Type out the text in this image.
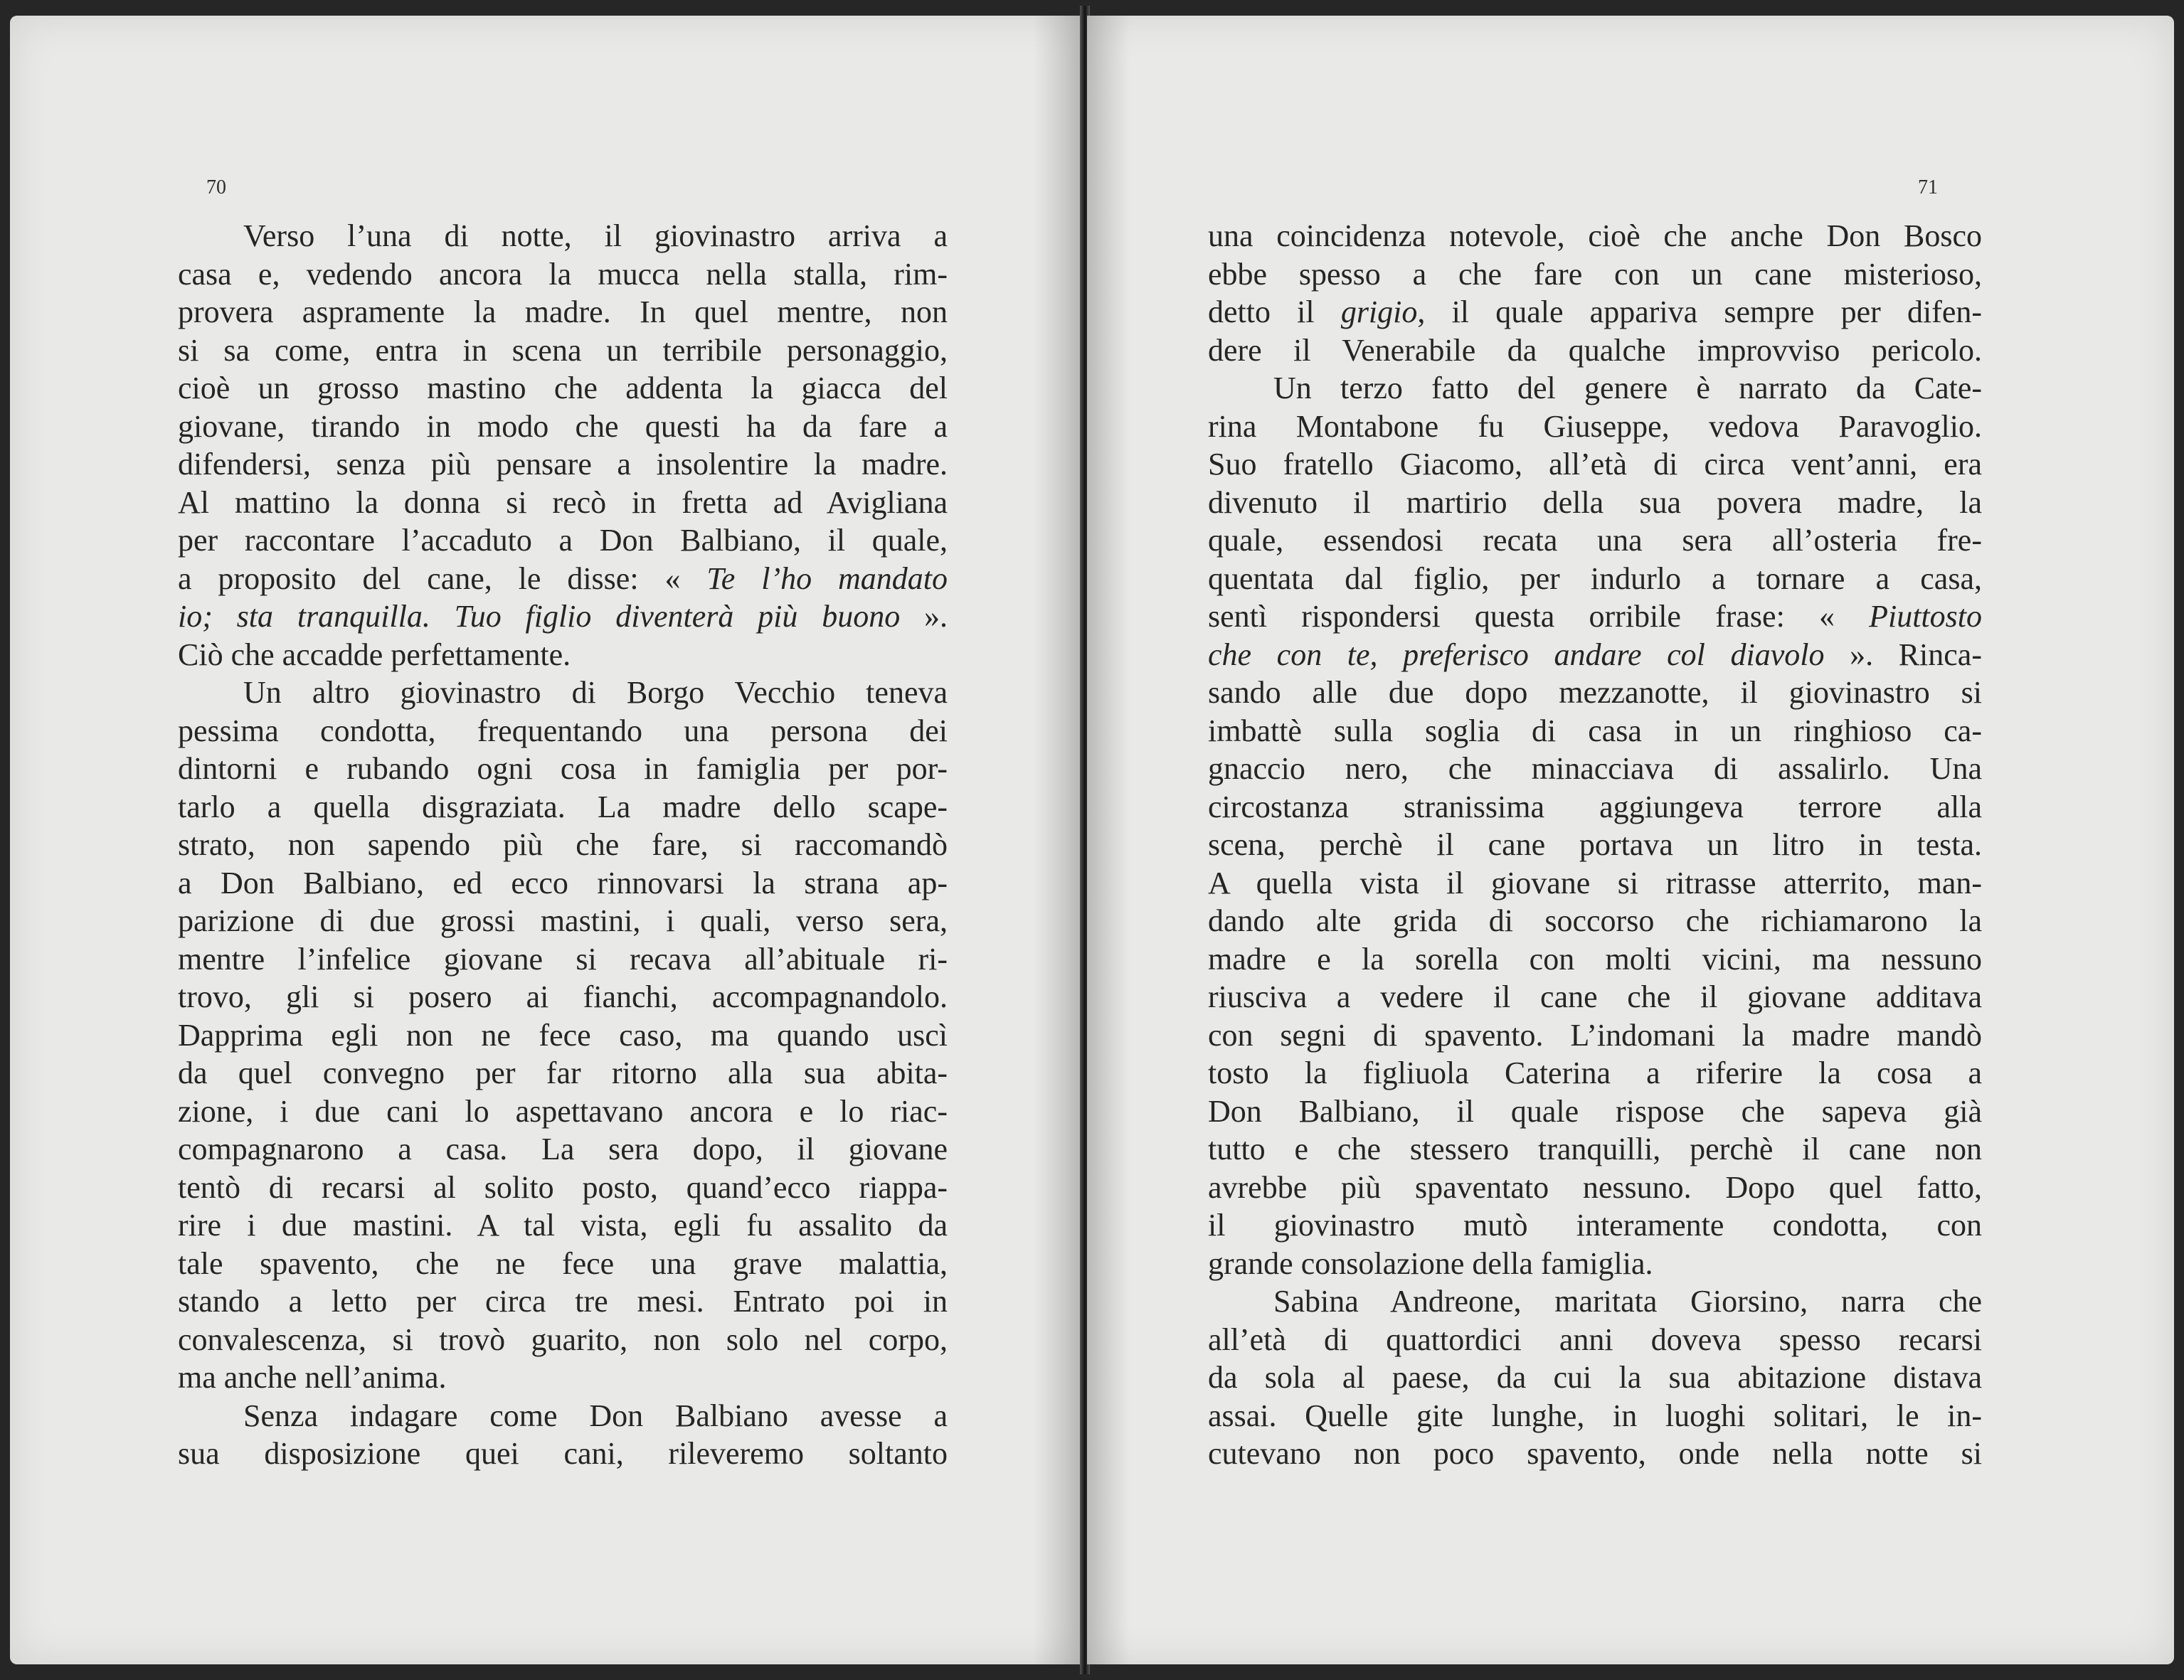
70
Verso l’una di notte, il giovinastro arriva a
casa e, vedendo ancora la mucca nella stalla, rim-
provera aspramente la madre. In quel mentre, non
si sa come, entra in scena un terribile personaggio,
cioè un grosso mastino che addenta la giacca del
giovane, tirando in modo che questi ha da fare a
difendersi, senza più pensare a insolentire la madre.
Al mattino la donna si recò in fretta ad Avigliana
per raccontare l’accaduto a Don Balbiano, il quale,
a proposito del cane, le disse: « Te l’ho mandato
io; sta tranquilla. Tuo figlio diventerà più buono ».
Ciò che accadde perfettamente.
Un altro giovinastro di Borgo Vecchio teneva
pessima condotta, frequentando una persona dei
dintorni e rubando ogni cosa in famiglia per por-
tarlo a quella disgraziata. La madre dello scape-
strato, non sapendo più che fare, si raccomandò
a Don Balbiano, ed ecco rinnovarsi la strana ap-
parizione di due grossi mastini, i quali, verso sera,
mentre l’infelice giovane si recava all’abituale ri-
trovo, gli si posero ai fianchi, accompagnandolo.
Dapprima egli non ne fece caso, ma quando uscì
da quel convegno per far ritorno alla sua abita-
zione, i due cani lo aspettavano ancora e lo riac-
compagnarono a casa. La sera dopo, il giovane
tentò di recarsi al solito posto, quand’ecco riappa-
rire i due mastini. A tal vista, egli fu assalito da
tale spavento, che ne fece una grave malattia,
stando a letto per circa tre mesi. Entrato poi in
convalescenza, si trovò guarito, non solo nel corpo,
ma anche nell’anima.
Senza indagare come Don Balbiano avesse a
sua disposizione quei cani, rileveremo soltanto
71
una coincidenza notevole, cioè che anche Don Bosco
ebbe spesso a che fare con un cane misterioso,
detto il grigio, il quale appariva sempre per difen-
dere il Venerabile da qualche improvviso pericolo.
Un terzo fatto del genere è narrato da Cate-
rina Montabone fu Giuseppe, vedova Paravoglio.
Suo fratello Giacomo, all’età di circa vent’anni, era
divenuto il martirio della sua povera madre, la
quale, essendosi recata una sera all’osteria fre-
quentata dal figlio, per indurlo a tornare a casa,
sentì rispondersi questa orribile frase: « Piuttosto
che con te, preferisco andare col diavolo ». Rinca-
sando alle due dopo mezzanotte, il giovinastro si
imbattè sulla soglia di casa in un ringhioso ca-
gnaccio nero, che minacciava di assalirlo. Una
circostanza stranissima aggiungeva terrore alla
scena, perchè il cane portava un litro in testa.
A quella vista il giovane si ritrasse atterrito, man-
dando alte grida di soccorso che richiamarono la
madre e la sorella con molti vicini, ma nessuno
riusciva a vedere il cane che il giovane additava
con segni di spavento. L’indomani la madre mandò
tosto la figliuola Caterina a riferire la cosa a
Don Balbiano, il quale rispose che sapeva già
tutto e che stessero tranquilli, perchè il cane non
avrebbe più spaventato nessuno. Dopo quel fatto,
il giovinastro mutò interamente condotta, con
grande consolazione della famiglia.
Sabina Andreone, maritata Giorsino, narra che
all’età di quattordici anni doveva spesso recarsi
da sola al paese, da cui la sua abitazione distava
assai. Quelle gite lunghe, in luoghi solitari, le in-
cutevano non poco spavento, onde nella notte si
